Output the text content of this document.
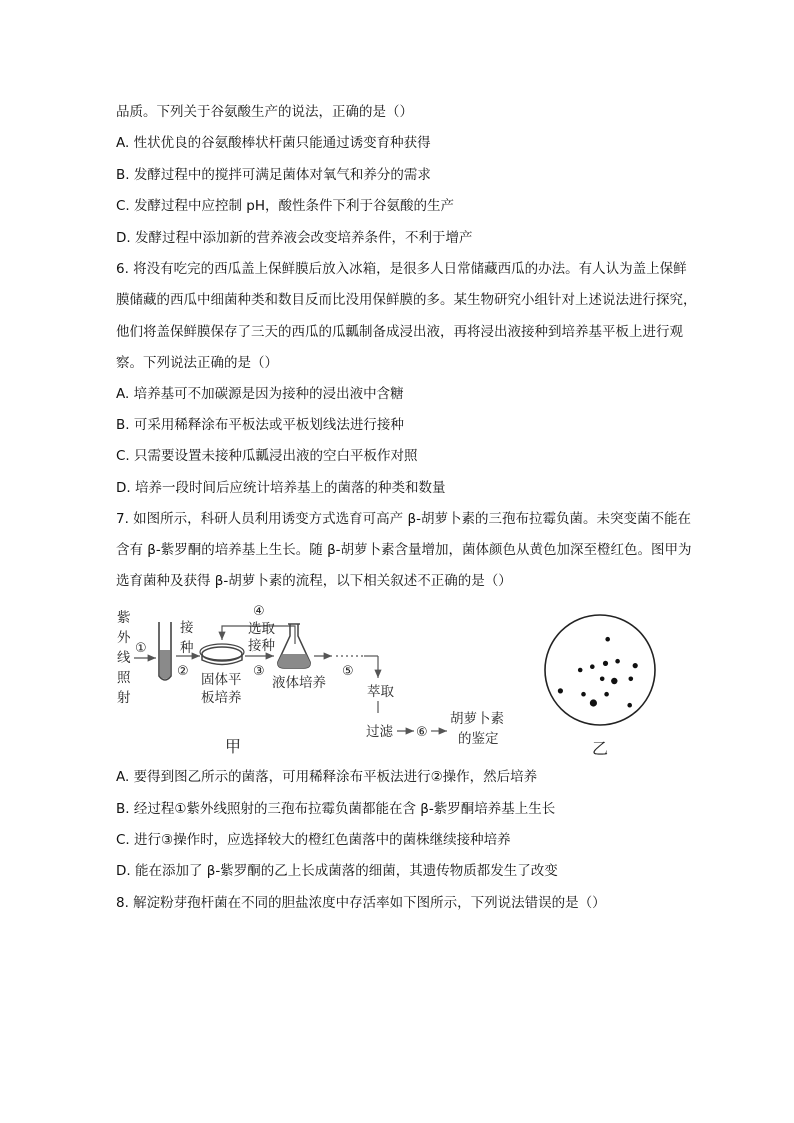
品质。下列关于谷氨酸生产的说法，正确的是（）
A. 性状优良的谷氨酸棒状杆菌只能通过诱变育种获得
B. 发酵过程中的搅拌可满足菌体对氧气和养分的需求
C. 发酵过程中应控制 pH，酸性条件下利于谷氨酸的生产
D. 发酵过程中添加新的营养液会改变培养条件，不利于增产
6. 将没有吃完的西瓜盖上保鲜膜后放入冰箱，是很多人日常储藏西瓜的办法。有人认为盖上保鲜
膜储藏的西瓜中细菌种类和数目反而比没用保鲜膜的多。某生物研究小组针对上述说法进行探究，
他们将盖保鲜膜保存了三天的西瓜的瓜瓤制备成浸出液，再将浸出液接种到培养基平板上进行观
察。下列说法正确的是（）
A. 培养基可不加碳源是因为接种的浸出液中含糖
B. 可采用稀释涂布平板法或平板划线法进行接种
C. 只需要设置未接种瓜瓤浸出液的空白平板作对照
D. 培养一段时间后应统计培养基上的菌落的种类和数量
7. 如图所示，科研人员利用诱变方式选育可高产 β-胡萝卜素的三孢布拉霉负菌。未突变菌不能在
含有 β-紫罗酮的培养基上生长。随 β-胡萝卜素含量增加，菌体颜色从黄色加深至橙红色。图甲为
选育菌种及获得 β-胡萝卜素的流程，以下相关叙述不正确的是（）
紫
外
线
照
射
①
接
种
②
固体平
板培养
④
选取
接种
③
液体培养
⑤
萃取
过滤 ⑥
胡萝卜素
的鉴定
甲	乙
A. 要得到图乙所示的菌落，可用稀释涂布平板法进行②操作，然后培养
B. 经过程①紫外线照射的三孢布拉霉负菌都能在含 β-紫罗酮培养基上生长
C. 进行③操作时，应选择较大的橙红色菌落中的菌株继续接种培养
D. 能在添加了 β-紫罗酮的乙上长成菌落的细菌，其遗传物质都发生了改变
8. 解淀粉芽孢杆菌在不同的胆盐浓度中存活率如下图所示，下列说法错误的是（）
